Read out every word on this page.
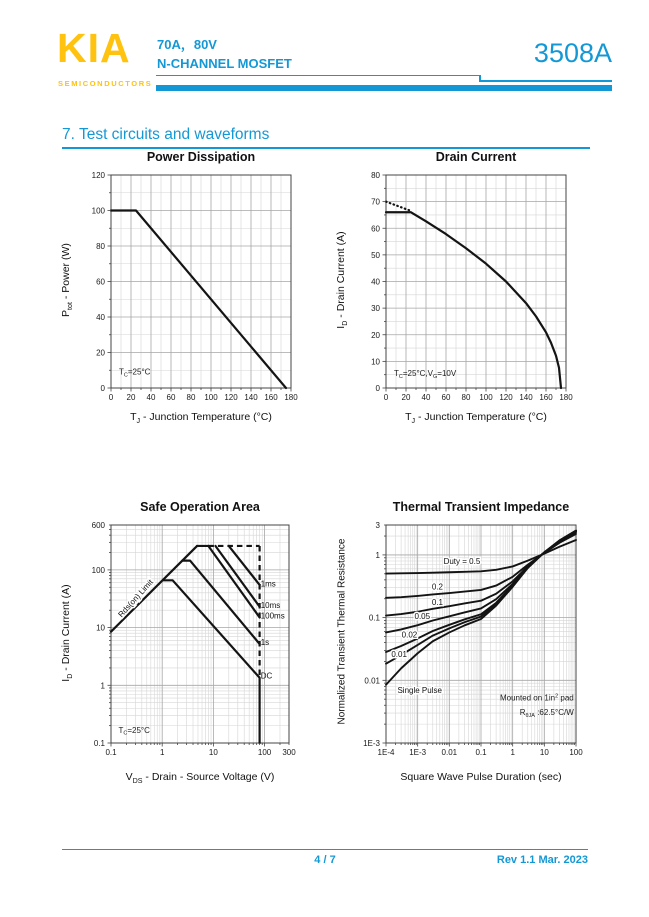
KIA
SEMICONDUCTORS
70A，80V
N-CHANNEL MOSFET	3508A
7. Test circuits and waveforms
Power Dissipation
$P_{tot}$ - Power (W)
$T_C=25^\circ C$
0 20 40 60 80 100 120 140 160 180
0
20
40
60
80
100
120
$T_J$ - Junction Temperature (°C)
Drain Current
$I_D$ - Drain Current (A)
$T_C=25^\circ C,V_G=10V$
0 20 40 60 80 100 120 140 160 180
0
10
20
30
40
50
60
70
80
$T_J$ - Junction Temperature (°C)
Safe Operation Area
$I_D$ - Drain Current (A)
1ms
10ms
100ms
1s
DC
Rds(on) Limit
$T_C=25^\circ C$
0.1	1	10	100 300
0.1
1
10
100
600
$V_{DS}$ - Drain - Source Voltage (V)
Thermal Transient Impedance
Normalized Transient Thermal Resistance	Duty = 0.5
0.2
0.1
0.05
0.02
0.01
Single Pulse
Mounted on $1in^2$ pad
$R_{\theta JA}$ :62.5°C/W
1E-4 1E-3 0.01 0.1	1	10	100
1E-3
0.01
0.1
1
3
Square Wave Pulse Duration (sec)
4 / 7	Rev 1.1 Mar. 2023
